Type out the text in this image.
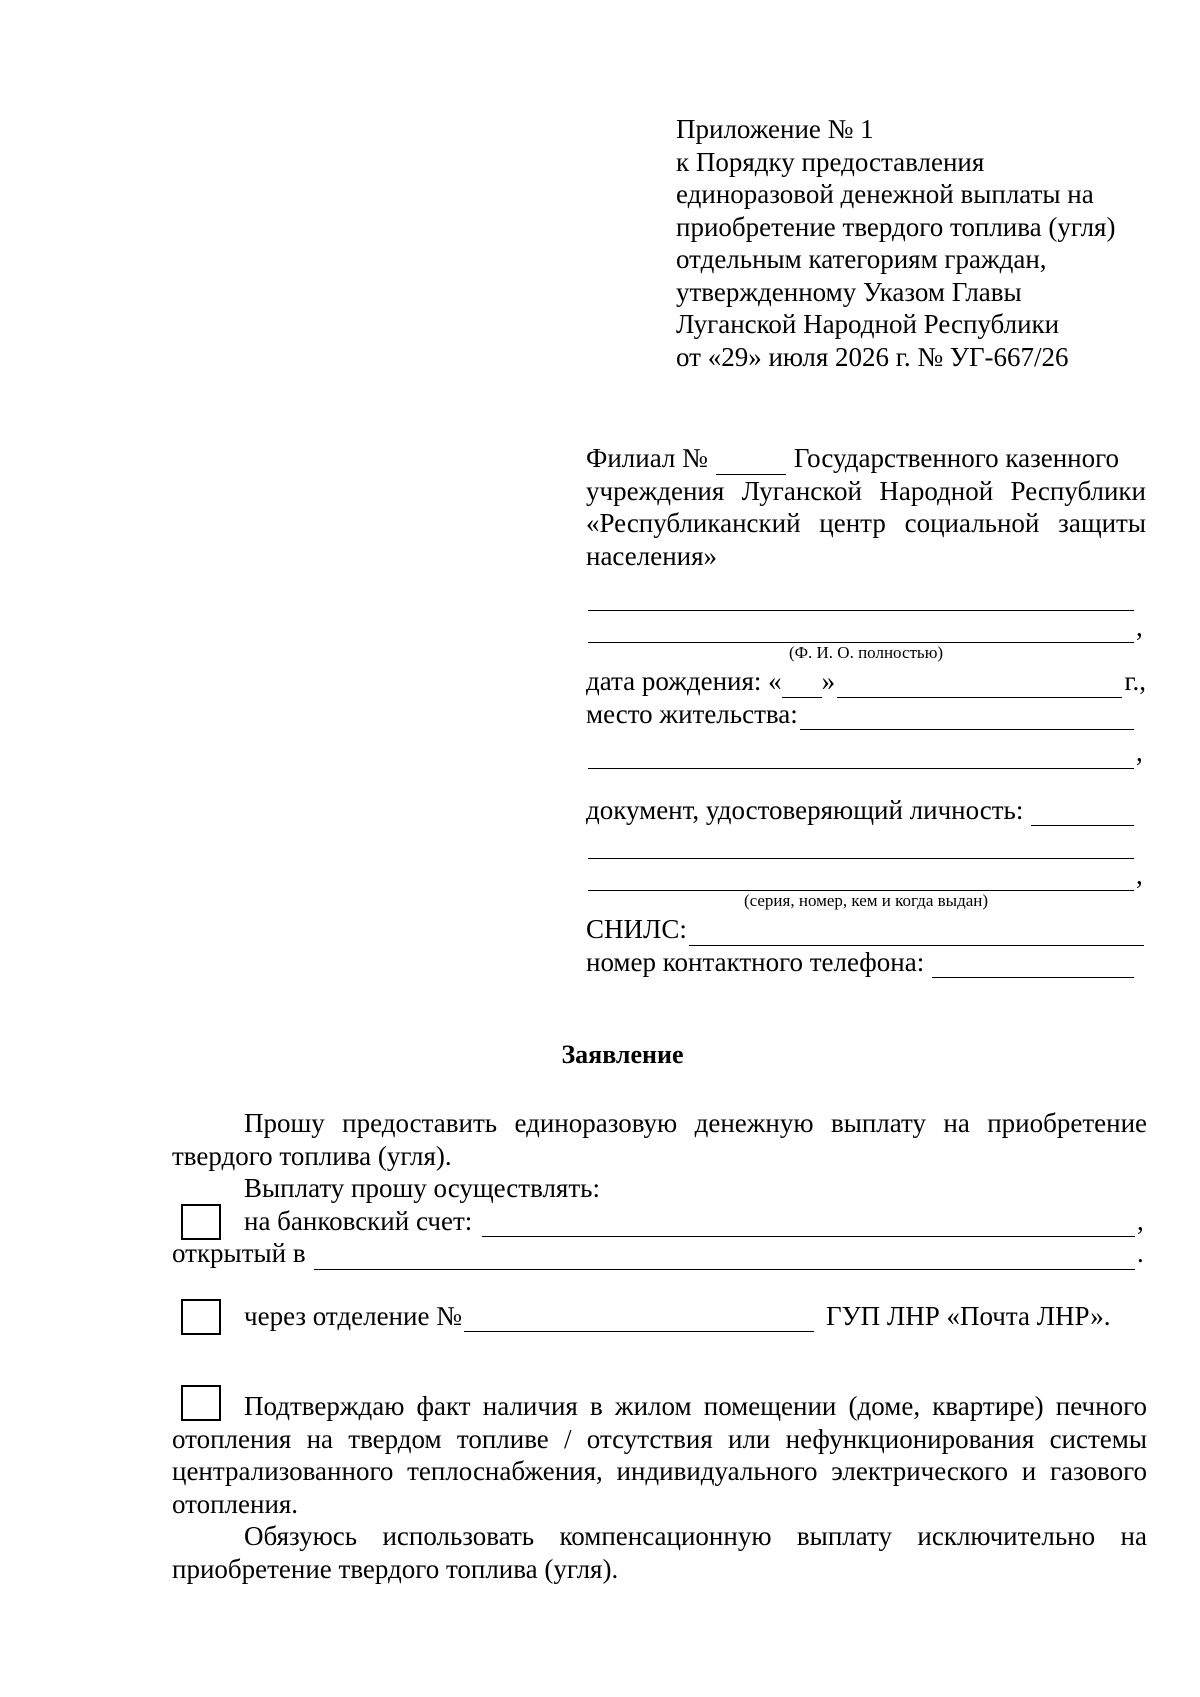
Приложение № 1
к Порядку предоставления
единоразовой денежной выплаты на
приобретение твердого топлива (угля)
отдельным категориям граждан,
утвержденному Указом Главы
Луганской Народной Республики
от «29» июля 2026 г. № УГ-667/26
Филиал №	Государственного казенного
учреждения Луганской Народной Республики
«Республиканский центр социальной защиты
населения»
,
(Ф. И. О. полностью)
дата рождения: « »	г.,
место жительства:
,
документ, удостоверяющий личность:
,
(серия, номер, кем и когда выдан)
СНИЛС:
номер контактного телефона:
Заявление

Прошу предоставить единоразовую денежную выплату на приобретение твердого топлива (угля).

Выплату прошу осуществлять:
на банковский счет:	,
открытый в	.
через отделение №	ГУП ЛНР «Почта ЛНР».

Подтверждаю факт наличия в жилом помещении (доме, квартире) печного отопления на твердом топливе / отсутствия или нефункционирования системы централизованного теплоснабжения, индивидуального электрического и газового отопления.

Обязуюсь использовать компенсационную выплату исключительно на приобретение твердого топлива (угля).
